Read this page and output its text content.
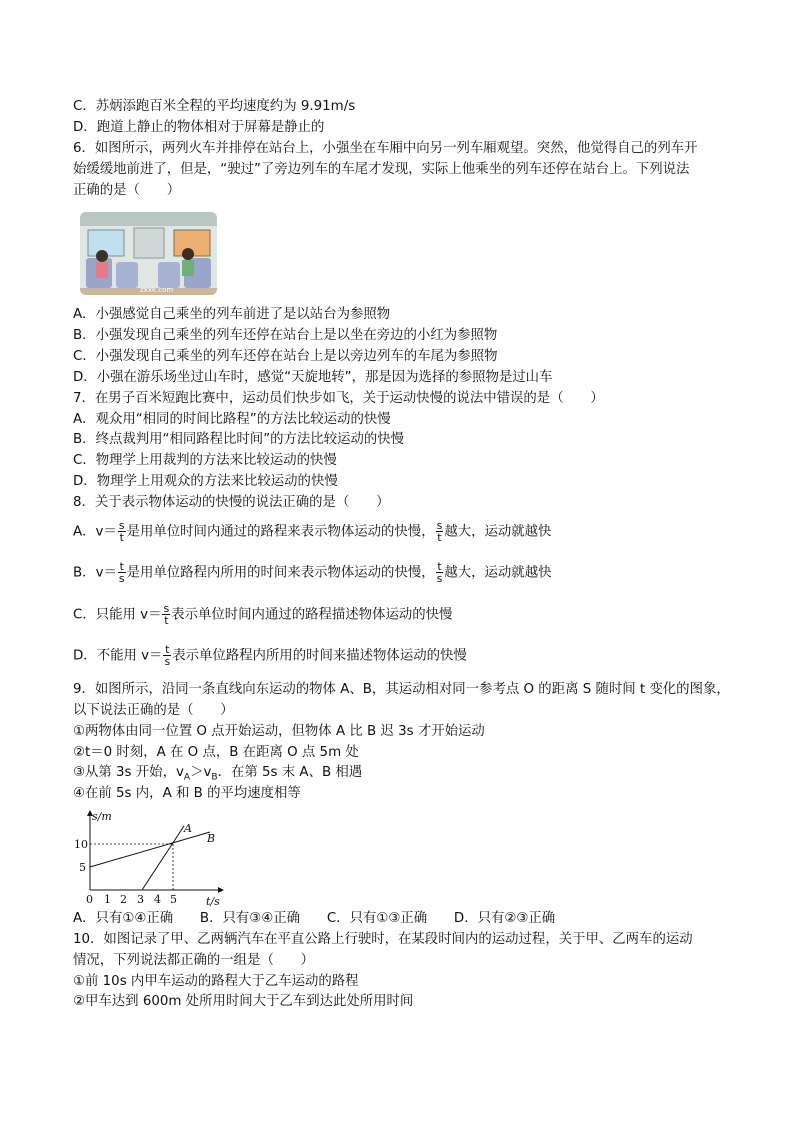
C．苏炳添跑百米全程的平均速度约为 9.91m/s
D．跑道上静止的物体相对于屏幕是静止的
6．如图所示，两列火车并排停在站台上，小强坐在车厢中向另一列车厢观望。突然，他觉得自己的列车开
始缓缓地前进了，但是，“驶过”了旁边列车的车尾才发现，实际上他乘坐的列车还停在站台上。下列说法
正确的是（　　）
zxxk.com
A．小强感觉自己乘坐的列车前进了是以站台为参照物
B．小强发现自己乘坐的列车还停在站台上是以坐在旁边的小红为参照物
C．小强发现自己乘坐的列车还停在站台上是以旁边列车的车尾为参照物
D．小强在游乐场坐过山车时，感觉“天旋地转”，那是因为选择的参照物是过山车
7．在男子百米短跑比赛中，运动员们快步如飞，关于运动快慢的说法中错误的是（　　）
A．观众用“相同的时间比路程”的方法比较运动的快慢
B．终点裁判用“相同路程比时间”的方法比较运动的快慢
C．物理学上用裁判的方法来比较运动的快慢
D．物理学上用观众的方法来比较运动的快慢
8．关于表示物体运动的快慢的说法正确的是（　　）
A．$v= \frac{s}{t}$ 是用单位时间内通过的路程来表示物体运动的快慢， $\frac{s}{t}$ 越大，运动就越快
B．$v= \frac{t}{s}$ 是用单位路程内所用的时间来表示物体运动的快慢， $\frac{t}{s}$ 越大，运动就越快
C．只能用 $v= \frac{s}{t}$ 表示单位时间内通过的路程描述物体运动的快慢
D．不能用 $v= \frac{t}{s}$ 表示单位路程内所用的时间来描述物体运动的快慢
9．如图所示，沿同一条直线向东运动的物体 A、B，其运动相对同一参考点 O 的距离 S 随时间 t 变化的图象，
以下说法正确的是（　　）
①两物体由同一位置 O 点开始运动，但物体 A 比 B 迟 3s 才开始运动
②t＝0 时刻，A 在 O 点，B 在距离 O 点 5m 处
③从第 3s 开始，$v_A>v_B$．在第 5s 末 A、B 相遇
④在前 5s 内，A 和 B 的平均速度相等
s/m
t/s
10
5
0 1 2 3 4 5
A
B
A．只有①④正确　　B．只有③④正确　　C．只有①③正确　　D．只有②③正确
10．如图记录了甲、乙两辆汽车在平直公路上行驶时，在某段时间内的运动过程，关于甲、乙两车的运动
情况，下列说法都正确的一组是（　　）
①前 10s 内甲车运动的路程大于乙车运动的路程
②甲车达到 600m 处所用时间大于乙车到达此处所用时间
